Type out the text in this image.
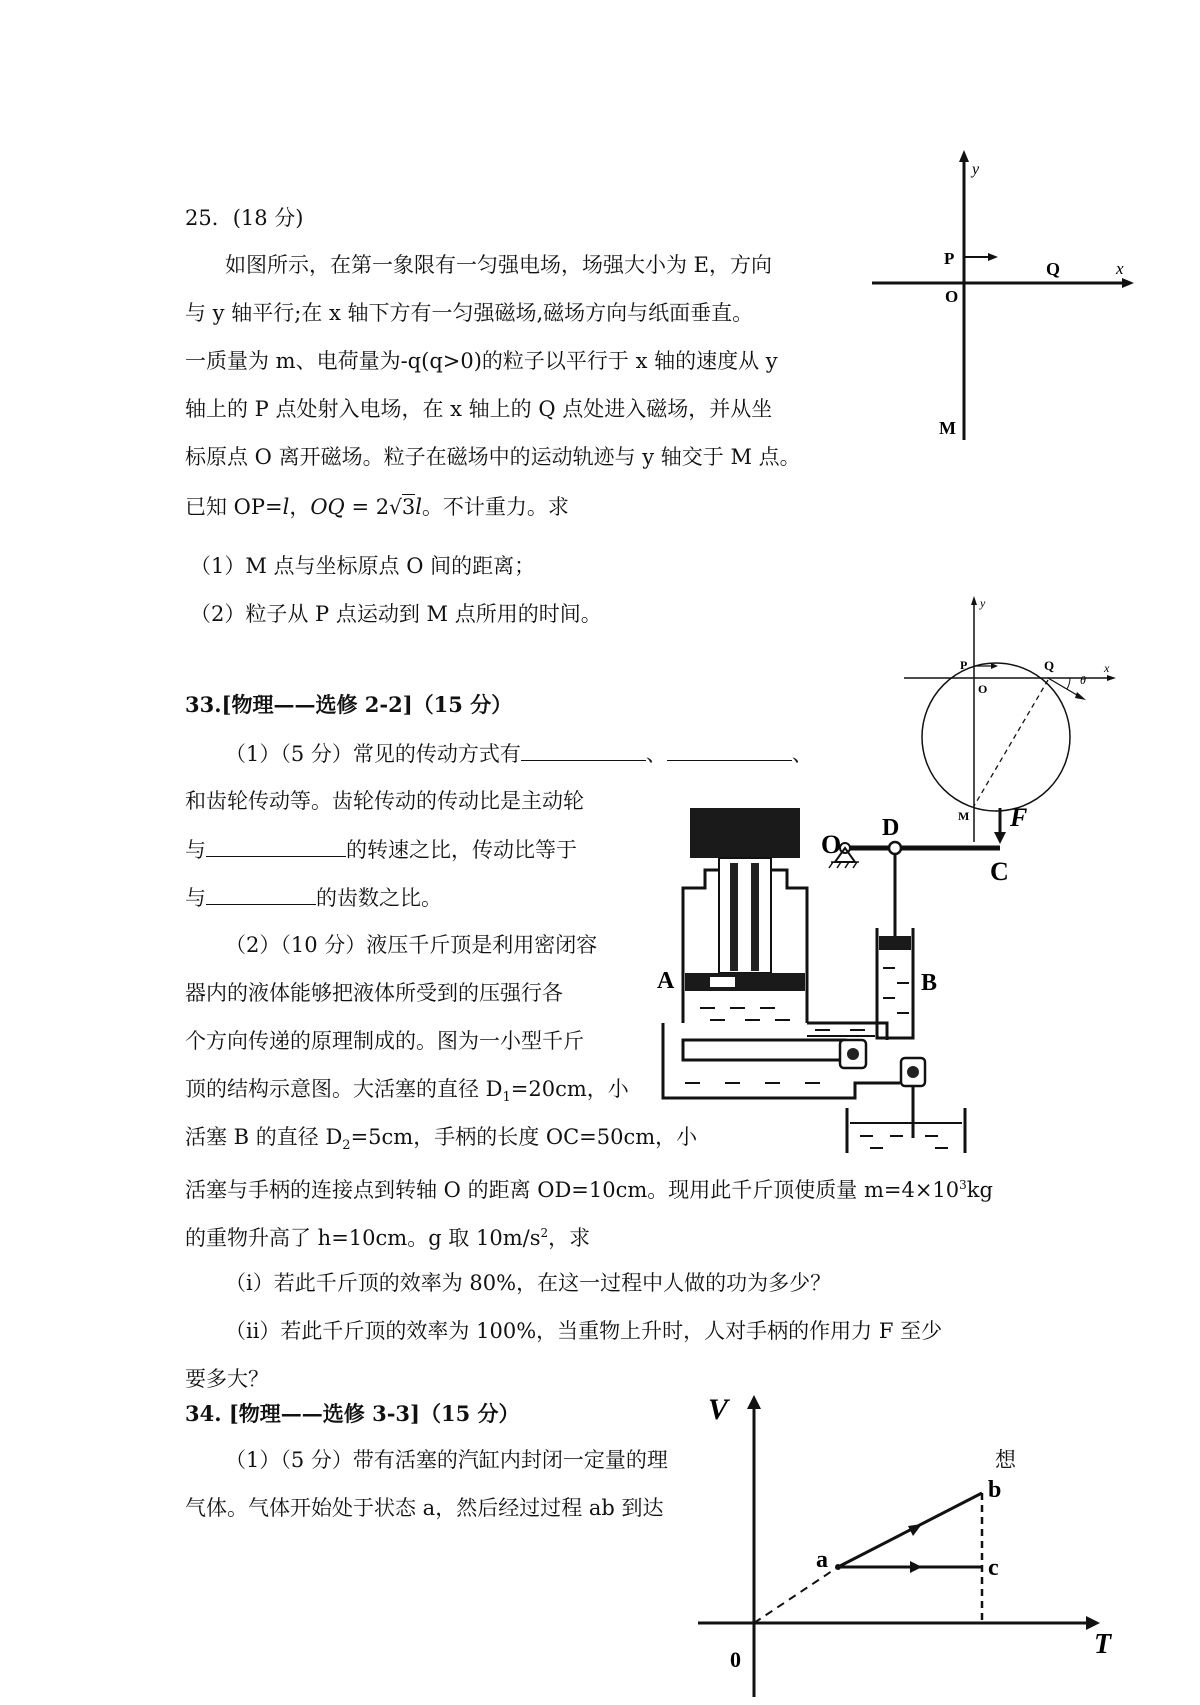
25．(18 分)
如图所示，在第一象限有一匀强电场，场强大小为 E，方向
与 y 轴平行;在 x 轴下方有一匀强磁场,磁场方向与纸面垂直。
一质量为 m、电荷量为-q(q>0)的粒子以平行于 x 轴的速度从 y
轴上的 P 点处射入电场，在 x 轴上的 Q 点处进入磁场，并从坐
标原点 O 离开磁场。粒子在磁场中的运动轨迹与 y 轴交于 M 点。
已知 OP=l，OQ = 2√3l。不计重力。求
（1）M 点与坐标原点 O 间的距离；
（2）粒子从 P 点运动到 M 点所用的时间。
y
x
P
O
Q
M
y
x
P
O
Q
θ
M
33.[物理——选修 2-2]（15 分）
（1）（5 分）常见的传动方式有	、	、
和齿轮传动等。齿轮传动的传动比是主动轮
与	的转速之比，传动比等于
与	的齿数之比。
（2）（10 分）液压千斤顶是利用密闭容
器内的液体能够把液体所受到的压强行各
个方向传递的原理制成的。图为一小型千斤
顶的结构示意图。大活塞的直径 $D_1=20cm$，小
活塞 B 的直径 $D_2=5cm$，手柄的长度 OC=50cm，小
活塞与手柄的连接点到转轴 O 的距离 OD=10cm。现用此千斤顶使质量 $m=4\times 10^3kg$
的重物升高了 h=10cm。g 取 $10m/s^2$，求
（ⅰ）若此千斤顶的效率为 80%，在这一过程中人做的功为多少？
（ⅱ）若此千斤顶的效率为 100%，当重物上升时，人对手柄的作用力 F 至少
要多大？
A	B
C
D
O
F
34. [物理——选修 3-3]（15 分）
（1）（5 分）带有活塞的汽缸内封闭一定量的理	想
气体。气体开始处于状态 a，然后经过过程 ab 到达
V
T
0
a
b
c
